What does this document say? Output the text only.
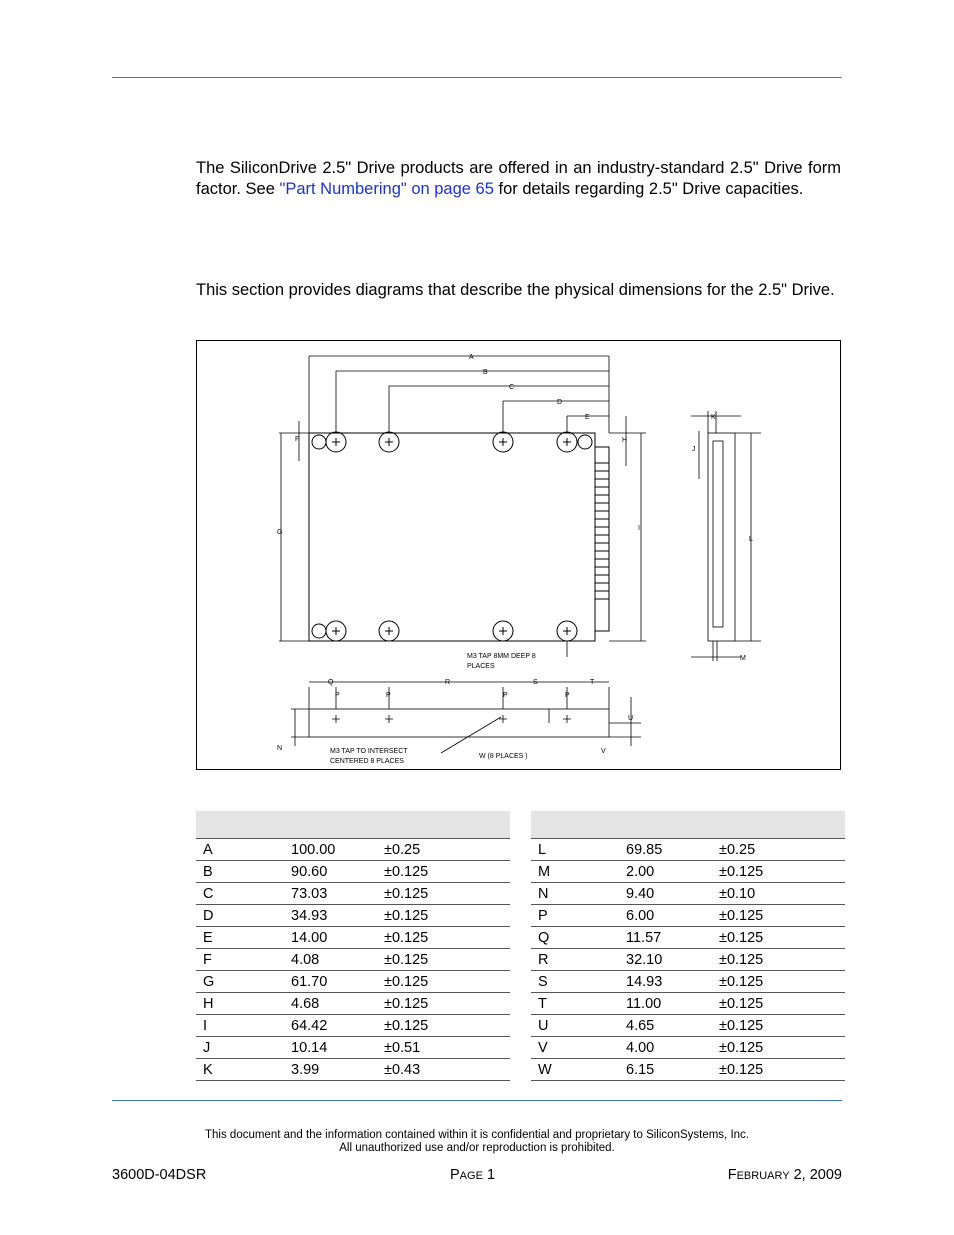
The SiliconDrive 2.5" Drive products are offered in an industry-standard 2.5" Drive form factor. See "Part Numbering" on page 65 for details regarding 2.5" Drive capacities.
This section provides diagrams that describe the physical dimensions for the 2.5" Drive.
A
B
C
D
E
F
G
H
I
J
K
L
M
N
P	P	P	P
Q	R	S	T
U
V
M3 TAP 8MM DEEP 8
PLACES
M3 TAP TO INTERSECT
CENTERED 8 PLACES
W (8 PLACES )

A	100.00	±0.25
B	90.60	±0.125
C	73.03	±0.125
D	34.93	±0.125
E	14.00	±0.125
F	4.08	±0.125
G	61.70	±0.125
H	4.68	±0.125
I	64.42	±0.125
J	10.14	±0.51
K	3.99	±0.43

L	69.85	±0.25
M	2.00	±0.125
N	9.40	±0.10
P	6.00	±0.125
Q	11.57	±0.125
R	32.10	±0.125
S	14.93	±0.125
T	11.00	±0.125
U	4.65	±0.125
V	4.00	±0.125
W	6.15	±0.125
This document and the information contained within it is confidential and proprietary to SiliconSystems, Inc.
All unauthorized use and/or reproduction is prohibited.
3600D-04DSR	PAGE 1	FEBRUARY 2, 2009
